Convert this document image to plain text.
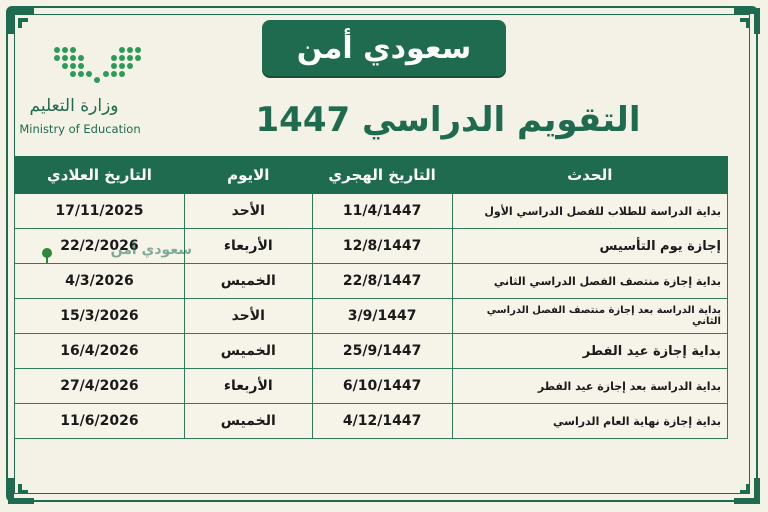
سعودي أمن
التقويم الدراسي 1447
وزارة التعليم
Ministry of Education
الحدث	التاريخ الهجري	الايوم	التاريخ العلادي
بداية الدراسة للطلاب للفصل الدراسي الأول	11/4/1447	الأحد	17/11/2025
إجازة يوم التأسيس	12/8/1447	الأربعاء	22/2/2026
بداية إجازة منتصف الفصل الدراسي الثاني	22/8/1447	الخميس	4/3/2026
بداية الدراسة بعد إجازة منتصف الفصل الدراسي الثاني	3/9/1447	الأحد	15/3/2026
بداية إجازة عيد الفطر	25/9/1447	الخميس	16/4/2026
بداية الدراسة بعد إجازة عيد الفطر	6/10/1447	الأربعاء	27/4/2026
بداية إجازة نهاية العام الدراسي	4/12/1447	الخميس	11/6/2026
سعودي أمن
